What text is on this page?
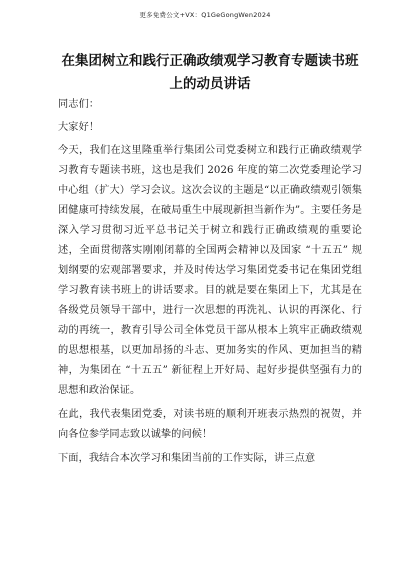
更多免费公文+VX：Q1GeGongWen2024
在集团树立和践行正确政绩观学习教育专题读书班上的动员讲话

同志们：

大家好！

今天，我们在这里隆重举行集团公司党委树立和践行正确政绩观学习教育专题读书班，这也是我们 2026 年度的第二次党委理论学习中心组（扩大）学习会议。这次会议的主题是“以正确政绩观引领集团健康可持续发展，在破局重生中展现新担当新作为”。主要任务是深入学习贯彻习近平总书记关于树立和践行正确政绩观的重要论述，全面贯彻落实刚刚闭幕的全国两会精神以及国家 “十五五” 规划纲要的宏观部署要求，并及时传达学习集团党委书记在集团党组学习教育读书班上的讲话要求。目的就是要在集团上下，尤其是在各级党员领导干部中，进行一次思想的再洗礼、认识的再深化、行动的再统一，教育引导公司全体党员干部从根本上筑牢正确政绩观的思想根基，以更加昂扬的斗志、更加务实的作风、更加担当的精神，为集团在 “十五五” 新征程上开好局、起好步提供坚强有力的思想和政治保证。

在此，我代表集团党委，对读书班的顺利开班表示热烈的祝贺，并向各位参学同志致以诚挚的问候！

下面，我结合本次学习和集团当前的工作实际，讲三点意
